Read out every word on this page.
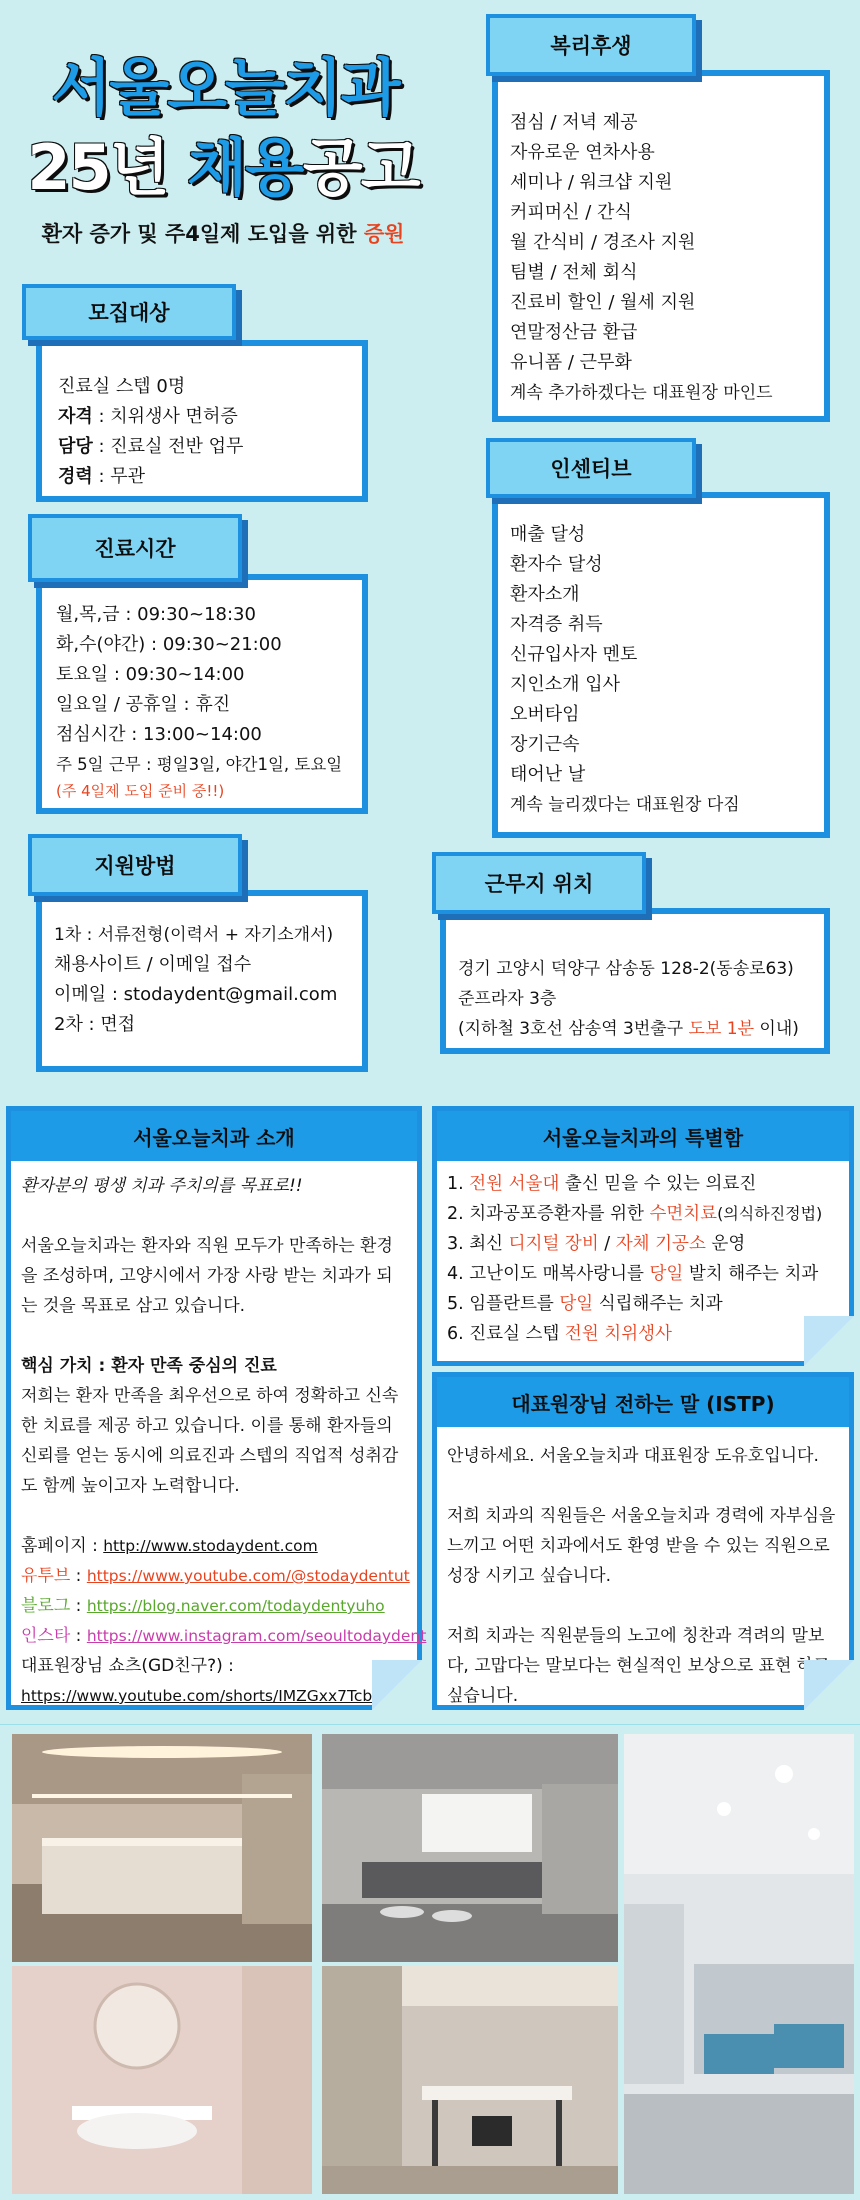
서울오늘치과
25년 채용공고
환자 증가 및 주4일제 도입을 위한 증원
모집대상
진료실 스텝 0명
자격 : 치위생사 면허증
담당 : 진료실 전반 업무
경력 : 무관
진료시간
월,목,금 : 09:30~18:30
화,수(야간) : 09:30~21:00
토요일 : 09:30~14:00
일요일 / 공휴일 : 휴진
점심시간 : 13:00~14:00
주 5일 근무 : 평일3일, 야간1일, 토요일
(주 4일제 도입 준비 중!!)
지원방법
1차 : 서류전형(이력서 + 자기소개서)
채용사이트 / 이메일 접수
이메일 : stodaydent@gmail.com
2차 : 면접
복리후생
점심 / 저녁 제공
자유로운 연차사용
세미나 / 워크샵 지원
커피머신 / 간식
월 간식비 / 경조사 지원
팀별 / 전체 회식
진료비 할인 / 월세 지원
연말정산금 환급
유니폼 / 근무화
계속 추가하겠다는 대표원장 마인드
인센티브
매출 달성
환자수 달성
환자소개
자격증 취득
신규입사자 멘토
지인소개 입사
오버타임
장기근속
태어난 날
계속 늘리겠다는 대표원장 다짐
근무지 위치
경기 고양시 덕양구 삼송동 128-2(동송로63)
준프라자 3층
(지하철 3호선 삼송역 3번출구 도보 1분 이내)
서울오늘치과 소개
환자분의 평생 치과 주치의를 목표로!!
서울오늘치과는 환자와 직원 모두가 만족하는 환경을 조성하며, 고양시에서 가장 사랑 받는 치과가 되는 것을 목표로 삼고 있습니다.
핵심 가치 : 환자 만족 중심의 진료
저희는 환자 만족을 최우선으로 하여 정확하고 신속한 치료를 제공 하고 있습니다. 이를 통해 환자들의 신뢰를 얻는 동시에 의료진과 스텝의 직업적 성취감도 함께 높이고자 노력합니다.
홈페이지 : http://www.stodaydent.com
유투브 : https://www.youtube.com/@stodaydentut
블로그 : https://blog.naver.com/todaydentyuho
인스타 : https://www.instagram.com/seoultodaydent
대표원장님 쇼츠(GD친구?) :
https://www.youtube.com/shorts/IMZGxx7Tcb8
서울오늘치과의 특별함
1. 전원 서울대 출신 믿을 수 있는 의료진
2. 치과공포증환자를 위한 수면치료(의식하진정법)
3. 최신 디지털 장비 / 자체 기공소 운영
4. 고난이도 매복사랑니를 당일 발치 해주는 치과
5. 임플란트를 당일 식립해주는 치과
6. 진료실 스텝 전원 치위생사
대표원장님 전하는 말 (ISTP)
안녕하세요. 서울오늘치과 대표원장 도유호입니다.
저희 치과의 직원들은 서울오늘치과 경력에 자부심을 느끼고 어떤 치과에서도 환영 받을 수 있는 직원으로 성장 시키고 싶습니다.
저희 치과는 직원분들의 노고에 칭찬과 격려의 말보다, 고맙다는 말보다는 현실적인 보상으로 표현 하고 싶습니다.
